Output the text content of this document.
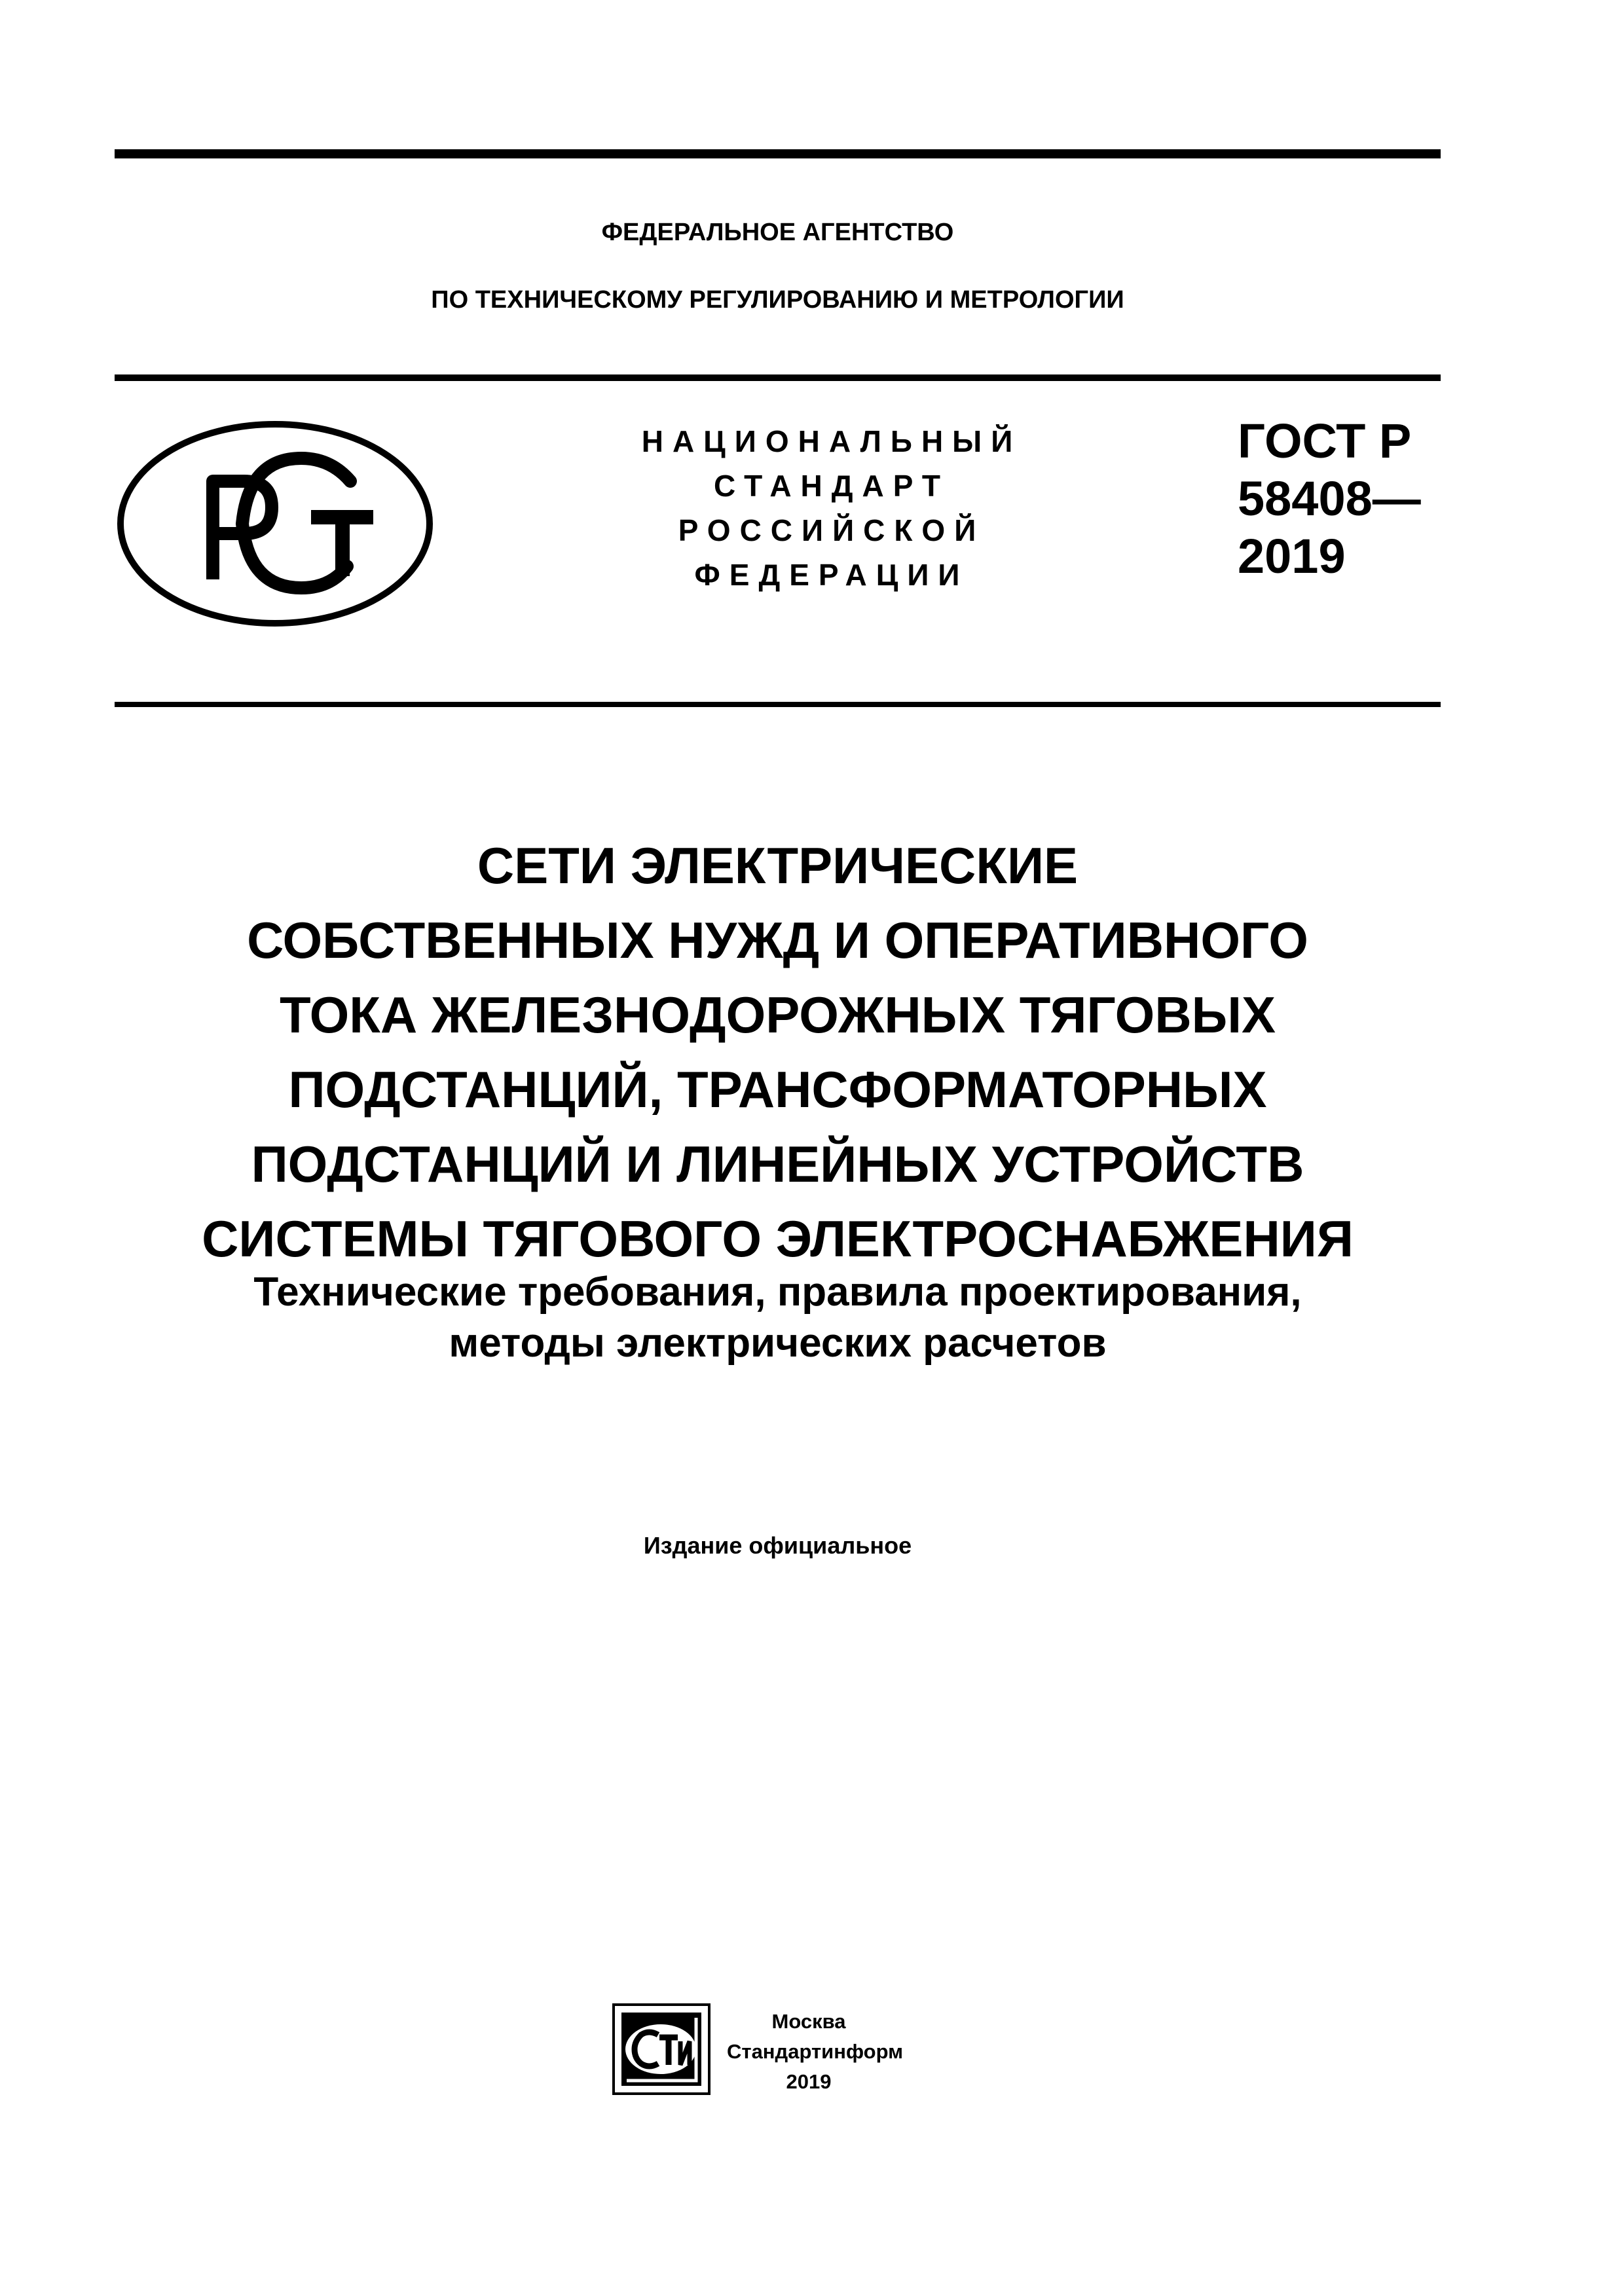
ФЕДЕРАЛЬНОЕ АГЕНТСТВО
ПО ТЕХНИЧЕСКОМУ РЕГУЛИРОВАНИЮ И МЕТРОЛОГИИ
НАЦИОНАЛЬНЫЙ
СТАНДАРТ
РОССИЙСКОЙ
ФЕДЕРАЦИИ
ГОСТ Р
58408—
2019
СЕТИ ЭЛЕКТРИЧЕСКИЕ
СОБСТВЕННЫХ НУЖД И ОПЕРАТИВНОГО
ТОКА ЖЕЛЕЗНОДОРОЖНЫХ ТЯГОВЫХ
ПОДСТАНЦИЙ, ТРАНСФОРМАТОРНЫХ
ПОДСТАНЦИЙ И ЛИНЕЙНЫХ УСТРОЙСТВ
СИСТЕМЫ ТЯГОВОГО ЭЛЕКТРОСНАБЖЕНИЯ
Технические требования, правила проектирования,
методы электрических расчетов
Издание официальное
Москва
Стандартинформ
2019
